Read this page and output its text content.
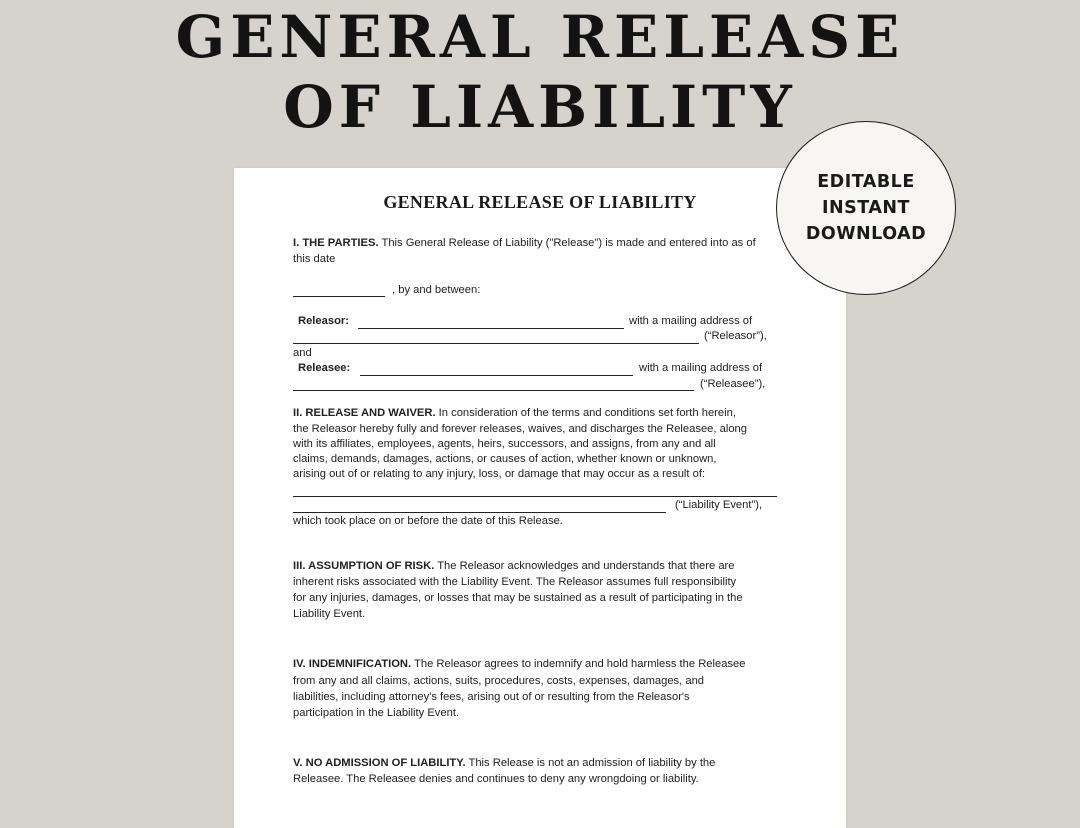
GENERAL RELEASE
OF LIABILITY
GENERAL RELEASE OF LIABILITY
I. THE PARTIES. This General Release of Liability ("Release") is made and entered into as of
this date
, by and between:
Releasor:	with a mailing address of
(“Releasor”),
and
Releasee:	with a mailing address of
(“Releasee”),
II. RELEASE AND WAIVER. In consideration of the terms and conditions set forth herein,
the Releasor hereby fully and forever releases, waives, and discharges the Releasee, along
with its affiliates, employees, agents, heirs, successors, and assigns, from any and all
claims, demands, damages, actions, or causes of action, whether known or unknown,
arising out of or relating to any injury, loss, or damage that may occur as a result of:
(“Liability Event”),
which took place on or before the date of this Release.
III. ASSUMPTION OF RISK. The Releasor acknowledges and understands that there are
inherent risks associated with the Liability Event. The Releasor assumes full responsibility
for any injuries, damages, or losses that may be sustained as a result of participating in the
Liability Event.
IV. INDEMNIFICATION. The Releasor agrees to indemnify and hold harmless the Releasee
from any and all claims, actions, suits, procedures, costs, expenses, damages, and
liabilities, including attorney's fees, arising out of or resulting from the Releasor's
participation in the Liability Event.
V. NO ADMISSION OF LIABILITY. This Release is not an admission of liability by the
Releasee. The Releasee denies and continues to deny any wrongdoing or liability.
EDITABLE
INSTANT
DOWNLOAD
